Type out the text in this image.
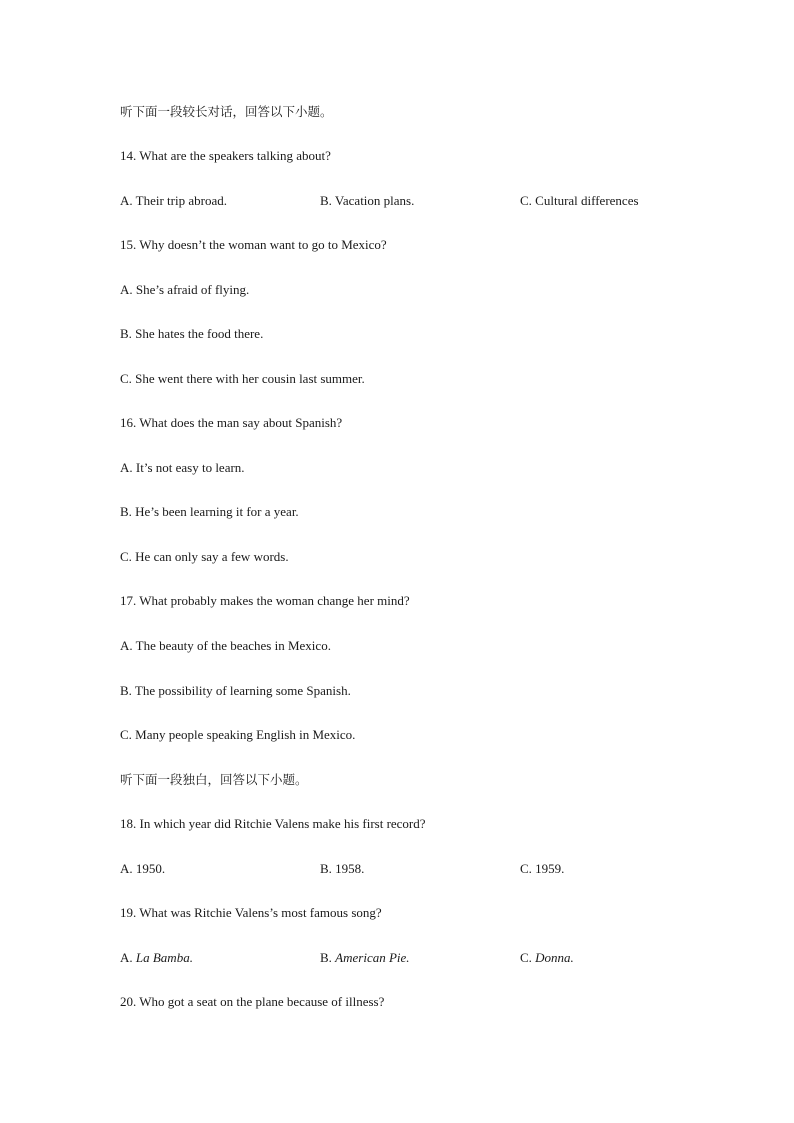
听下面一段较长对话，回答以下小题。
14. What are the speakers talking about?
A. Their trip abroad.	B. Vacation plans.	C. Cultural differences
15. Why doesn’t the woman want to go to Mexico?
A. She’s afraid of flying.
B. She hates the food there.
C. She went there with her cousin last summer.
16. What does the man say about Spanish?
A. It’s not easy to learn.
B. He’s been learning it for a year.
C. He can only say a few words.
17. What probably makes the woman change her mind?
A. The beauty of the beaches in Mexico.
B. The possibility of learning some Spanish.
C. Many people speaking English in Mexico.
听下面一段独白，回答以下小题。
18. In which year did Ritchie Valens make his first record?
A. 1950.	B. 1958.	C. 1959.
19. What was Ritchie Valens’s most famous song?
A. La Bamba.	B. American Pie.	C. Donna.
20. Who got a seat on the plane because of illness?
